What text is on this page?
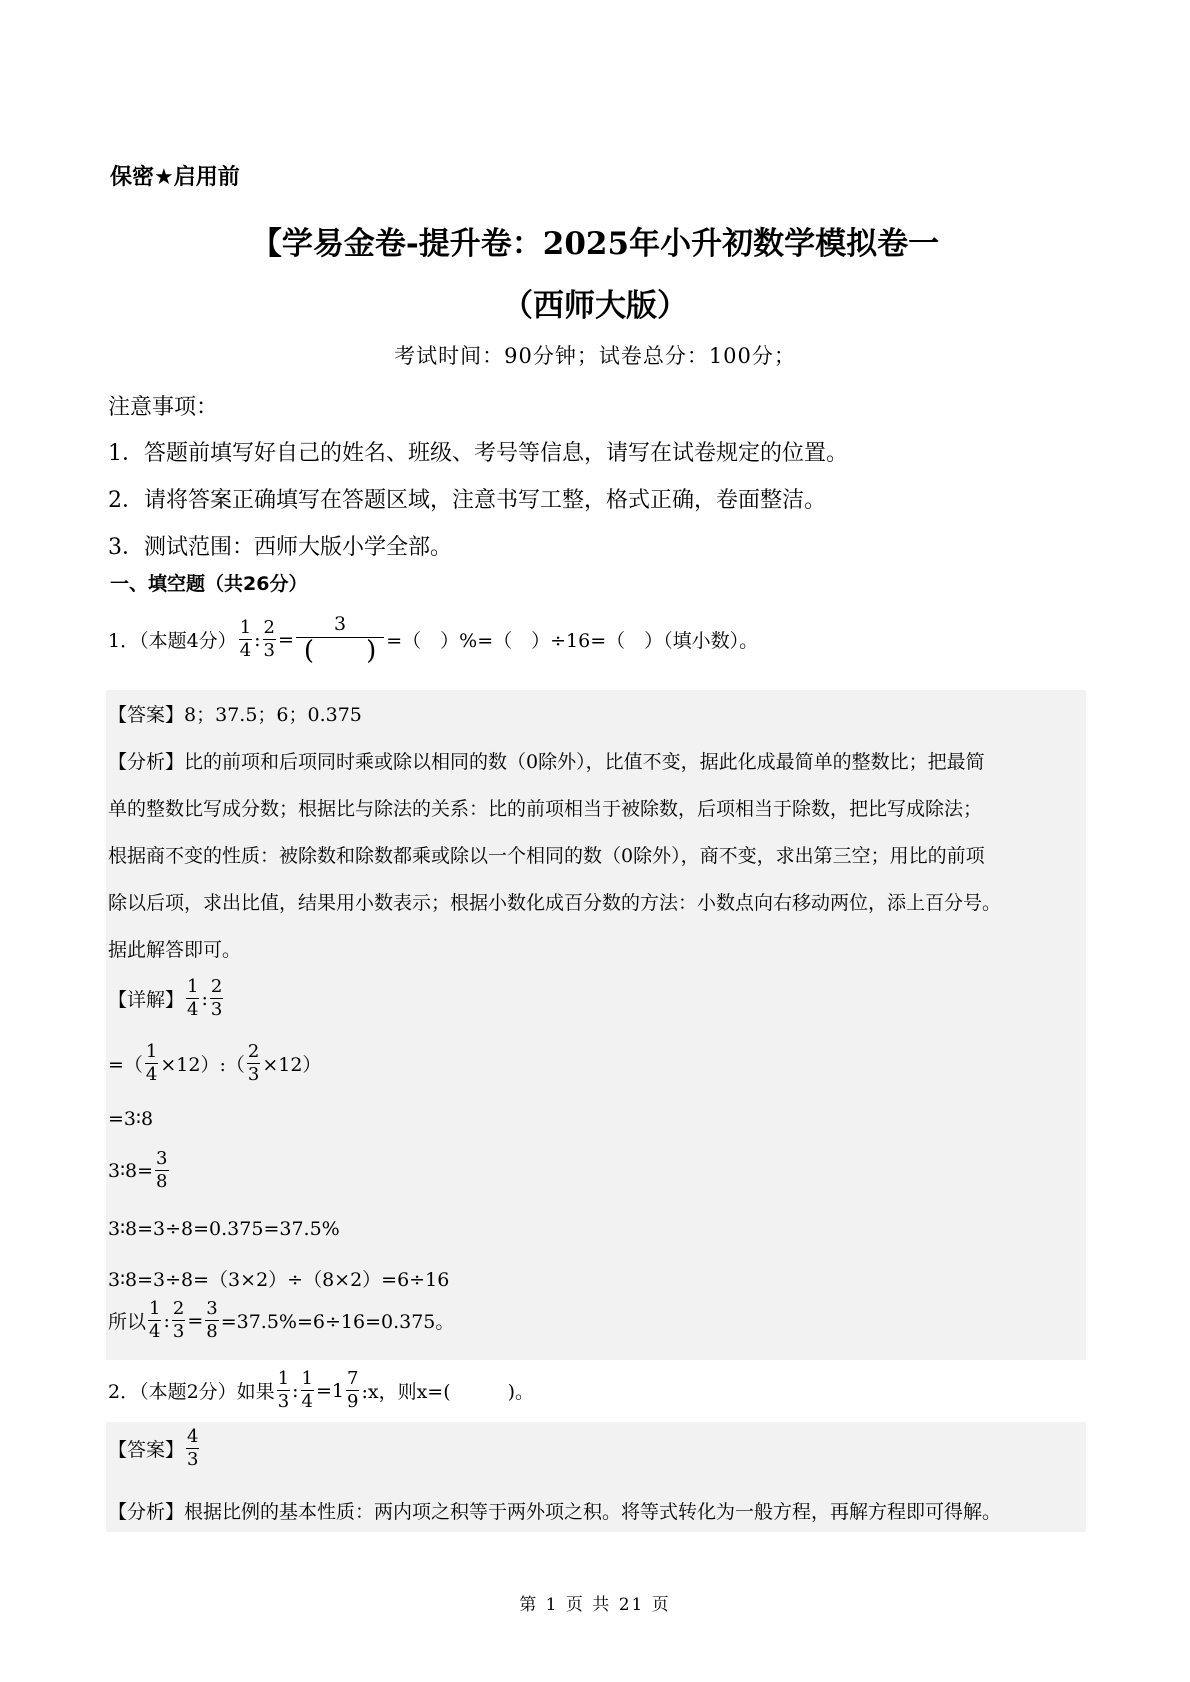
保密★启用前
【学易金卷-提升卷：2025年小升初数学模拟卷一
（西师大版）
考试时间：90分钟；试卷总分：100分；
注意事项：
1．答题前填写好自己的姓名、班级、考号等信息，请写在试卷规定的位置。
2．请将答案正确填写在答题区域，注意书写工整，格式正确，卷面整洁。
3．测试范围：西师大版小学全部。
一、填空题（共26分）
1．（本题4分） $\frac{1}{4}$ : $\frac{2}{3} = \frac{3}{( )}$ =（　）%=（　）÷16=（　）（填小数）。
【答案】 8；37.5；6；0.375
【分析】 比的前项和后项同时乘或除以相同的数（0除外），比值不变，据此化成最简单的整数比；把最简
单的整数比写成分数；根据比与除法的关系：比的前项相当于被除数，后项相当于除数，把比写成除法；
根据商不变的性质：被除数和除数都乘或除以一个相同的数（0除外），商不变，求出第三空；用比的前项
除以后项，求出比值，结果用小数表示；根据小数化成百分数的方法：小数点向右移动两位，添上百分号。
据此解答即可。
【详解】 $\frac{1}{4}$ : $\frac{2}{3}$
=（ $\frac{1}{4}$ ×12）:（ $\frac{2}{3} \times 12$）
=3∶8
3∶8= $\frac{3}{8}$
3∶8=3÷8=0.375=37.5%
3∶8=3÷8=（3×2）÷（8×2）=6÷16
所以 $\frac{1}{4}$ : $\frac{2}{3} = \frac{3}{8} =37.5\%=6\div 16=0.375$。
2．（本题2分）如果 $\frac{1}{3}$ : $\frac{1}{4} =1 \frac{7}{9}$ :x，则x=(　　　)。
【答案】 $\frac{4}{3}$
【分析】 根据比例的基本性质：两内项之积等于两外项之积。将等式转化为一般方程，再解方程即可得解。
第 1 页 共 21 页
